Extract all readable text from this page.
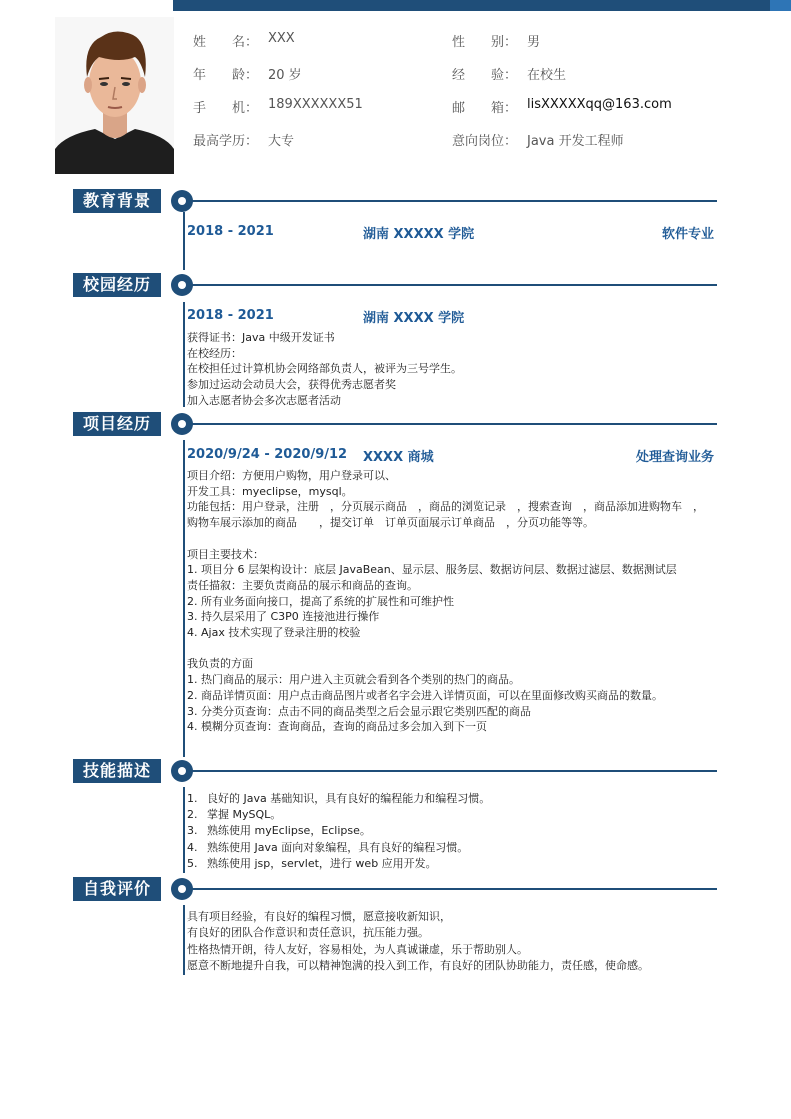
姓　　名： XXX	性　　别： 男
年　　龄： 20 岁	经　　验： 在校生
手　　机： 189XXXXXX51	邮　　箱： lisXXXXXqq@163.com
最高学历： 大专	意向岗位： Java 开发工程师
教育背景
2018 - 2021	湖南 XXXXX 学院	软件专业
校园经历
2018 - 2021	湖南 XXXX 学院
获得证书：Java 中级开发证书
在校经历：
在校担任过计算机协会网络部负责人，被评为三号学生。
参加过运动会动员大会，获得优秀志愿者奖
加入志愿者协会多次志愿者活动
项目经历
2020/9/24 - 2020/9/12 XXXX 商城	处理查询业务
项目介绍：方便用户购物，用户登录可以、
开发工具：myeclipse，mysql。
功能包括：用户登录，注册　，分页展示商品　，商品的浏览记录　，搜索查询　，商品添加进购物车　，购物车展示添加的商品　　，提交订单　订单页面展示订单商品　，分页功能等等。
项目主要技术：
1. 项目分 6 层架构设计：底层 JavaBean、显示层、服务层、数据访问层、数据过滤层、数据测试层
责任描叙：主要负责商品的展示和商品的查询。
2. 所有业务面向接口，提高了系统的扩展性和可维护性
3. 持久层采用了 C3P0 连接池进行操作
4. Ajax 技术实现了登录注册的校验
我负责的方面
1. 热门商品的展示：用户进入主页就会看到各个类别的热门的商品。
2. 商品详情页面：用户点击商品图片或者名字会进入详情页面，可以在里面修改购买商品的数量。
3. 分类分页查询：点击不同的商品类型之后会显示跟它类别匹配的商品
4. 模糊分页查询：查询商品，查询的商品过多会加入到下一页
技能描述
1. 良好的 Java 基础知识，具有良好的编程能力和编程习惯。
2. 掌握 MySQL。
3. 熟练使用 myEclipse，Eclipse。
4. 熟练使用 Java 面向对象编程，具有良好的编程习惯。
5. 熟练使用 jsp，servlet，进行 web 应用开发。
自我评价
具有项目经验，有良好的编程习惯，愿意接收新知识，
有良好的团队合作意识和责任意识，抗压能力强。
性格热情开朗，待人友好，容易相处，为人真诚谦虚，乐于帮助别人。
愿意不断地提升自我，可以精神饱满的投入到工作，有良好的团队协助能力，责任感，使命感。
